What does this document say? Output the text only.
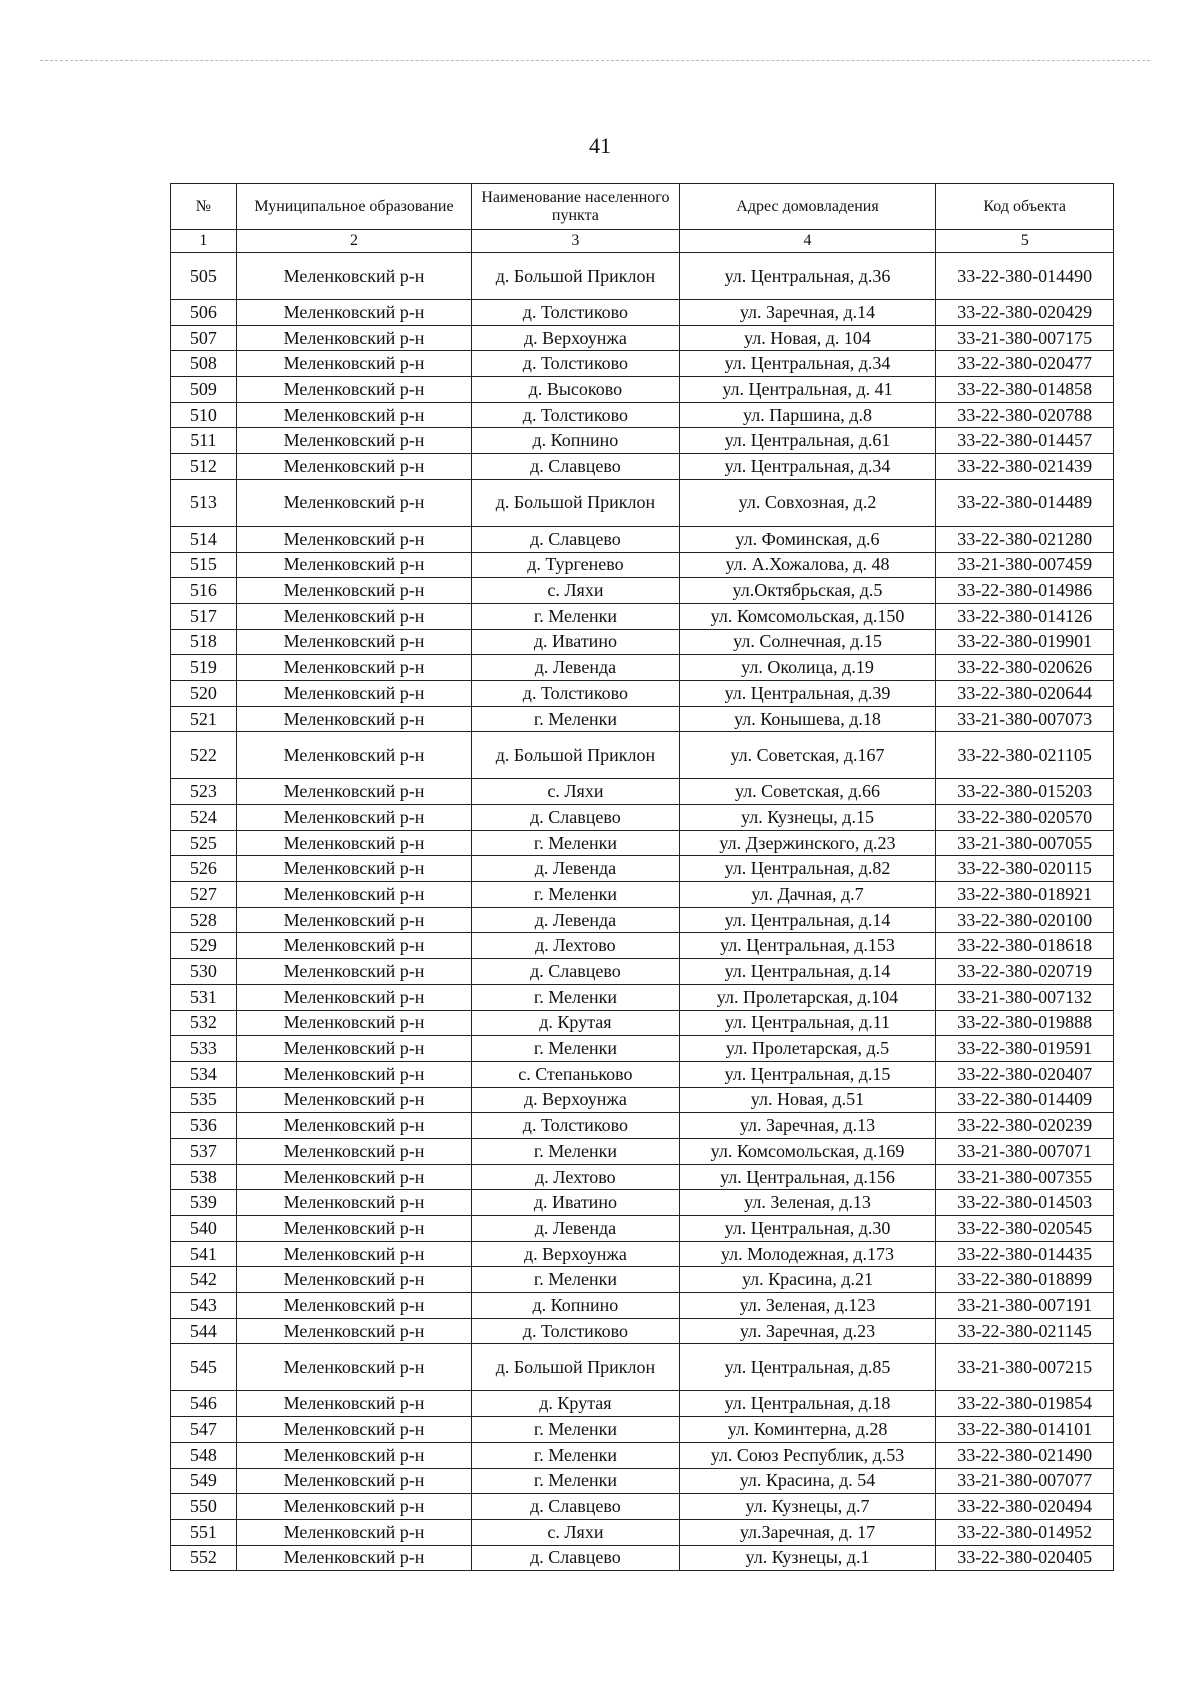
41
№	Муниципальное образование	Наименование населенного пункта	Адрес домовладения	Код объекта
1	2	3	4	5
505	Меленковский р-н	д. Большой Приклон	ул. Центральная, д.36	33-22-380-014490
506	Меленковский р-н	д. Толстиково	ул. Заречная, д.14	33-22-380-020429
507	Меленковский р-н	д. Верхоунжа	ул. Новая, д. 104	33-21-380-007175
508	Меленковский р-н	д. Толстиково	ул. Центральная, д.34	33-22-380-020477
509	Меленковский р-н	д. Высоково	ул. Центральная, д. 41	33-22-380-014858
510	Меленковский р-н	д. Толстиково	ул. Паршина, д.8	33-22-380-020788
511	Меленковский р-н	д. Копнино	ул. Центральная, д.61	33-22-380-014457
512	Меленковский р-н	д. Славцево	ул. Центральная, д.34	33-22-380-021439
513	Меленковский р-н	д. Большой Приклон	ул. Совхозная, д.2	33-22-380-014489
514	Меленковский р-н	д. Славцево	ул. Фоминская, д.6	33-22-380-021280
515	Меленковский р-н	д. Тургенево	ул. А.Хожалова, д. 48	33-21-380-007459
516	Меленковский р-н	с. Ляхи	ул.Октябрьская, д.5	33-22-380-014986
517	Меленковский р-н	г. Меленки	ул. Комсомольская, д.150	33-22-380-014126
518	Меленковский р-н	д. Иватино	ул. Солнечная, д.15	33-22-380-019901
519	Меленковский р-н	д. Левенда	ул. Околица, д.19	33-22-380-020626
520	Меленковский р-н	д. Толстиково	ул. Центральная, д.39	33-22-380-020644
521	Меленковский р-н	г. Меленки	ул. Конышева, д.18	33-21-380-007073
522	Меленковский р-н	д. Большой Приклон	ул. Советская, д.167	33-22-380-021105
523	Меленковский р-н	с. Ляхи	ул. Советская, д.66	33-22-380-015203
524	Меленковский р-н	д. Славцево	ул. Кузнецы, д.15	33-22-380-020570
525	Меленковский р-н	г. Меленки	ул. Дзержинского, д.23	33-21-380-007055
526	Меленковский р-н	д. Левенда	ул. Центральная, д.82	33-22-380-020115
527	Меленковский р-н	г. Меленки	ул. Дачная, д.7	33-22-380-018921
528	Меленковский р-н	д. Левенда	ул. Центральная, д.14	33-22-380-020100
529	Меленковский р-н	д. Лехтово	ул. Центральная, д.153	33-22-380-018618
530	Меленковский р-н	д. Славцево	ул. Центральная, д.14	33-22-380-020719
531	Меленковский р-н	г. Меленки	ул. Пролетарская, д.104	33-21-380-007132
532	Меленковский р-н	д. Крутая	ул. Центральная, д.11	33-22-380-019888
533	Меленковский р-н	г. Меленки	ул. Пролетарская, д.5	33-22-380-019591
534	Меленковский р-н	с. Степаньково	ул. Центральная, д.15	33-22-380-020407
535	Меленковский р-н	д. Верхоунжа	ул. Новая, д.51	33-22-380-014409
536	Меленковский р-н	д. Толстиково	ул. Заречная, д.13	33-22-380-020239
537	Меленковский р-н	г. Меленки	ул. Комсомольская, д.169	33-21-380-007071
538	Меленковский р-н	д. Лехтово	ул. Центральная, д.156	33-21-380-007355
539	Меленковский р-н	д. Иватино	ул. Зеленая, д.13	33-22-380-014503
540	Меленковский р-н	д. Левенда	ул. Центральная, д.30	33-22-380-020545
541	Меленковский р-н	д. Верхоунжа	ул. Молодежная, д.173	33-22-380-014435
542	Меленковский р-н	г. Меленки	ул. Красина, д.21	33-22-380-018899
543	Меленковский р-н	д. Копнино	ул. Зеленая, д.123	33-21-380-007191
544	Меленковский р-н	д. Толстиково	ул. Заречная, д.23	33-22-380-021145
545	Меленковский р-н	д. Большой Приклон	ул. Центральная, д.85	33-21-380-007215
546	Меленковский р-н	д. Крутая	ул. Центральная, д.18	33-22-380-019854
547	Меленковский р-н	г. Меленки	ул. Коминтерна, д.28	33-22-380-014101
548	Меленковский р-н	г. Меленки	ул. Союз Республик, д.53	33-22-380-021490
549	Меленковский р-н	г. Меленки	ул. Красина, д. 54	33-21-380-007077
550	Меленковский р-н	д. Славцево	ул. Кузнецы, д.7	33-22-380-020494
551	Меленковский р-н	с. Ляхи	ул.Заречная, д. 17	33-22-380-014952
552	Меленковский р-н	д. Славцево	ул. Кузнецы, д.1	33-22-380-020405
